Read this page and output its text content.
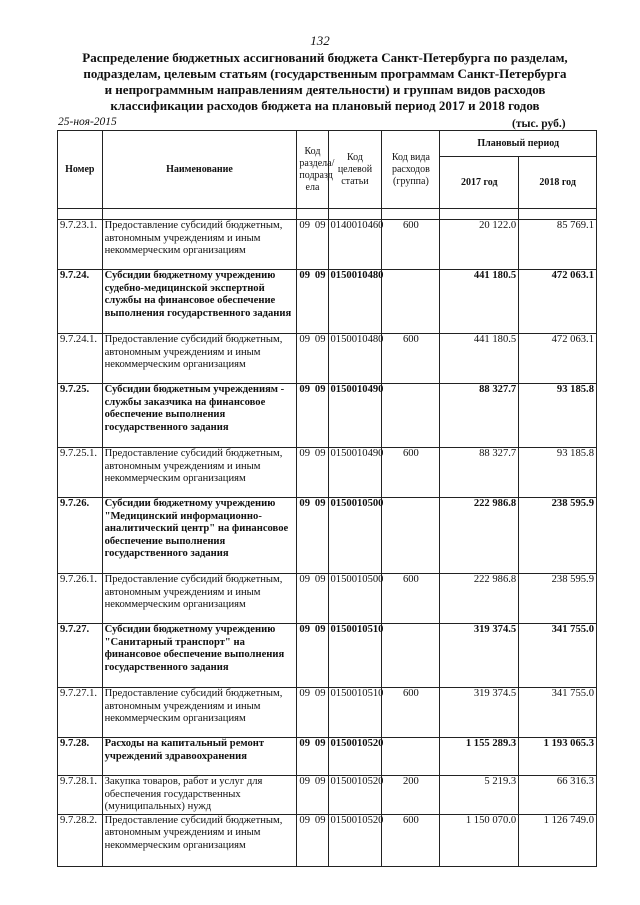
132
Распределение бюджетных ассигнований бюджета Санкт-Петербурга по разделам,
подразделам, целевым статьям (государственным программам Санкт-Петербурга
и непрограммным направлениям деятельности) и группам видов расходов
классификации расходов бюджета на плановый период 2017 и 2018 годов
25-ноя-2015	(тыс. руб.)
Номер	Наименование	Код раздела/ подразд ела		Код целевой статьи	Код вида расходов (группа)	Плановый период	
						2017 год	2018 год

9.7.23.1.	Предоставление субсидий бюджетным, автономным учреждениям и иным некоммерческим организациям	09	09	0140010460	600	20 122.0	85 769.1
9.7.24.	Субсидии бюджетному учреждению судебно-медицинской экспертной службы на финансовое обеспечение выполнения государственного задания	09	09	0150010480		441 180.5	472 063.1
9.7.24.1.	Предоставление субсидий бюджетным, автономным учреждениям и иным некоммерческим организациям	09	09	0150010480	600	441 180.5	472 063.1
9.7.25.	Субсидии бюджетным учреждениям - службы заказчика на финансовое обеспечение выполнения государственного задания	09	09	0150010490		88 327.7	93 185.8
9.7.25.1.	Предоставление субсидий бюджетным, автономным учреждениям и иным некоммерческим организациям	09	09	0150010490	600	88 327.7	93 185.8
9.7.26.	Субсидии бюджетному учреждению "Медицинский информационно-аналитический центр" на финансовое обеспечение выполнения государственного задания	09	09	0150010500		222 986.8	238 595.9
9.7.26.1.	Предоставление субсидий бюджетным, автономным учреждениям и иным некоммерческим организациям	09	09	0150010500	600	222 986.8	238 595.9
9.7.27.	Субсидии бюджетному учреждению "Санитарный транспорт" на финансовое обеспечение выполнения государственного задания	09	09	0150010510		319 374.5	341 755.0
9.7.27.1.	Предоставление субсидий бюджетным, автономным учреждениям и иным некоммерческим организациям	09	09	0150010510	600	319 374.5	341 755.0
9.7.28.	Расходы на капитальный ремонт учреждений здравоохранения	09	09	0150010520		1 155 289.3	1 193 065.3
9.7.28.1.	Закупка товаров, работ и услуг для обеспечения государственных (муниципальных) нужд	09	09	0150010520	200	5 219.3	66 316.3
9.7.28.2.	Предоставление субсидий бюджетным, автономным учреждениям и иным некоммерческим организациям	09	09	0150010520	600	1 150 070.0	1 126 749.0
